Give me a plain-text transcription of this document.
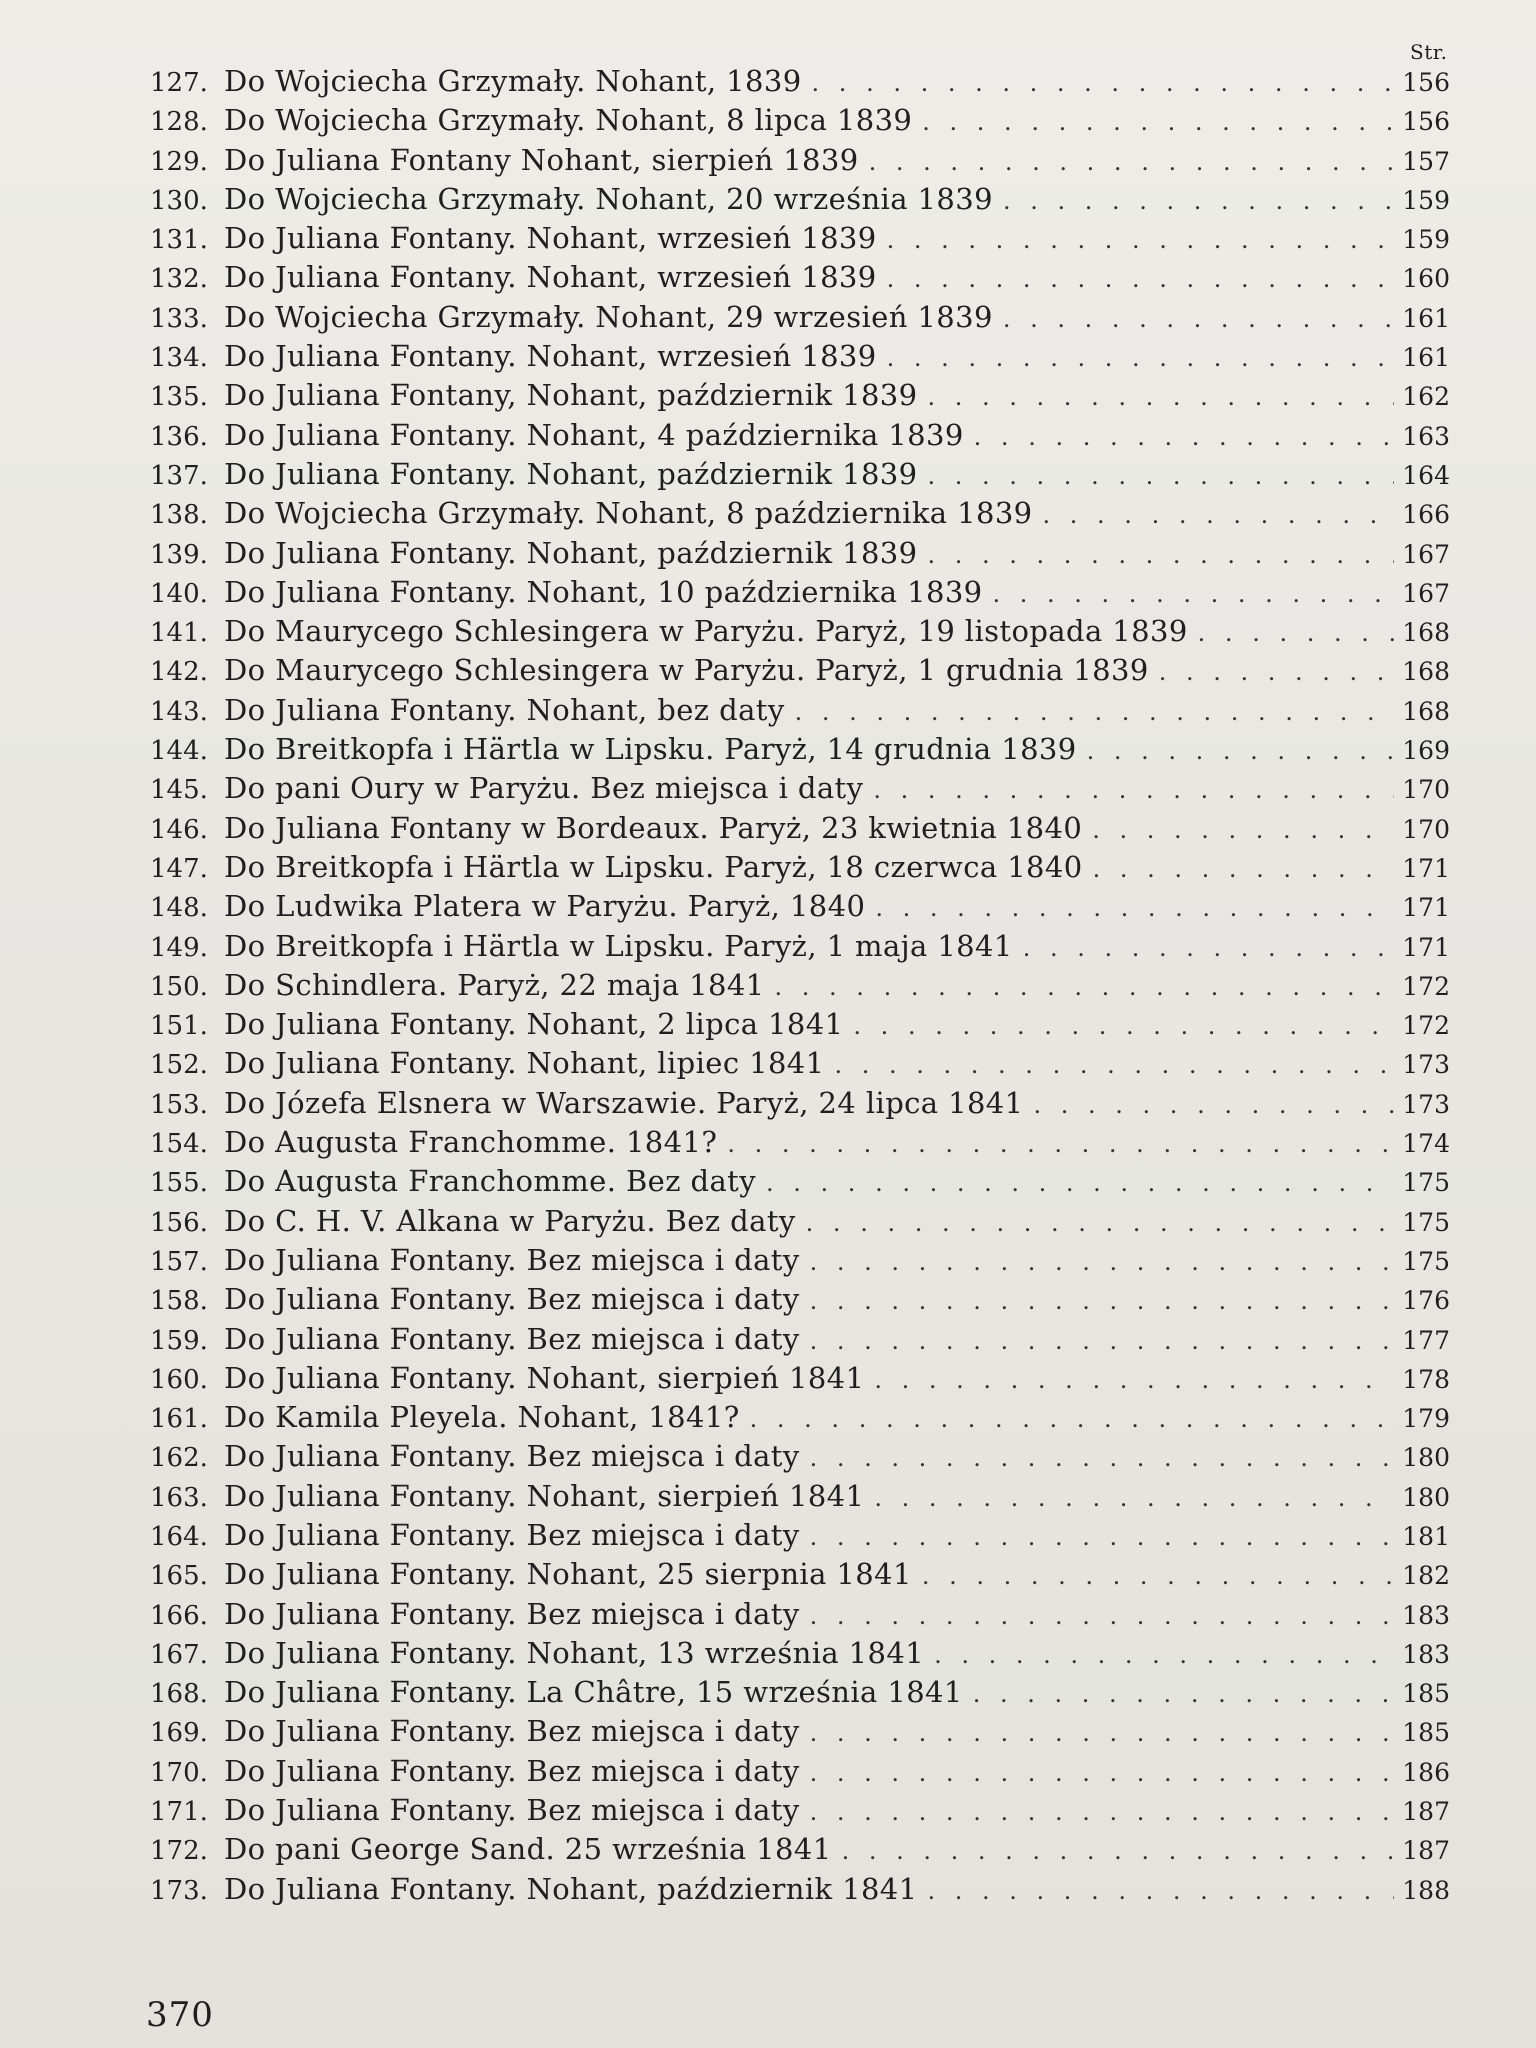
Str.
127. Do Wojciecha Grzymały. Nohant, 1839 . . .	156
128. Do Wojciecha Grzymały. Nohant, 8 lipca 1839 . . .	156
129. Do Juliana Fontany Nohant, sierpień 1839 . . .	157
130. Do Wojciecha Grzymały. Nohant, 20 września 1839 . . .	159
131. Do Juliana Fontany. Nohant, wrzesień 1839 . . .	159
132. Do Juliana Fontany. Nohant, wrzesień 1839 . . .	160
133. Do Wojciecha Grzymały. Nohant, 29 wrzesień 1839 . . .	161
134. Do Juliana Fontany. Nohant, wrzesień 1839 . . .	161
135. Do Juliana Fontany, Nohant, październik 1839 . . .	162
136. Do Juliana Fontany. Nohant, 4 października 1839 . . .	163
137. Do Juliana Fontany. Nohant, październik 1839 . . .	164
138. Do Wojciecha Grzymały. Nohant, 8 października 1839 . . .	166
139. Do Juliana Fontany. Nohant, październik 1839 . . .	167
140. Do Juliana Fontany. Nohant, 10 października 1839 . . .	167
141. Do Maurycego Schlesingera w Paryżu. Paryż, 19 listopada 1839 . . .	168
142. Do Maurycego Schlesingera w Paryżu. Paryż, 1 grudnia 1839 . . .	168
143. Do Juliana Fontany. Nohant, bez daty . . .	168
144. Do Breitkopfa i Härtla w Lipsku. Paryż, 14 grudnia 1839 . . .	169
145. Do pani Oury w Paryżu. Bez miejsca i daty . . .	170
146. Do Juliana Fontany w Bordeaux. Paryż, 23 kwietnia 1840 . . .	170
147. Do Breitkopfa i Härtla w Lipsku. Paryż, 18 czerwca 1840 . . .	171
148. Do Ludwika Platera w Paryżu. Paryż, 1840 . . .	171
149. Do Breitkopfa i Härtla w Lipsku. Paryż, 1 maja 1841 . . .	171
150. Do Schindlera. Paryż, 22 maja 1841 . . .	172
151. Do Juliana Fontany. Nohant, 2 lipca 1841 . . .	172
152. Do Juliana Fontany. Nohant, lipiec 1841 . . .	173
153. Do Józefa Elsnera w Warszawie. Paryż, 24 lipca 1841 . . .	173
154. Do Augusta Franchomme. 1841? . . .	174
155. Do Augusta Franchomme. Bez daty . . .	175
156. Do C. H. V. Alkana w Paryżu. Bez daty . . .	175
157. Do Juliana Fontany. Bez miejsca i daty . . .	175
158. Do Juliana Fontany. Bez miejsca i daty . . .	176
159. Do Juliana Fontany. Bez miejsca i daty . . .	177
160. Do Juliana Fontany. Nohant, sierpień 1841 . . .	178
161. Do Kamila Pleyela. Nohant, 1841? . . .	179
162. Do Juliana Fontany. Bez miejsca i daty . . .	180
163. Do Juliana Fontany. Nohant, sierpień 1841 . . .	180
164. Do Juliana Fontany. Bez miejsca i daty . . .	181
165. Do Juliana Fontany. Nohant, 25 sierpnia 1841 . . .	182
166. Do Juliana Fontany. Bez miejsca i daty . . .	183
167. Do Juliana Fontany. Nohant, 13 września 1841 . . .	183
168. Do Juliana Fontany. La Châtre, 15 września 1841 . . .	185
169. Do Juliana Fontany. Bez miejsca i daty . . .	185
170. Do Juliana Fontany. Bez miejsca i daty . . .	186
171. Do Juliana Fontany. Bez miejsca i daty . . .	187
172. Do pani George Sand. 25 września 1841 . . .	187
173. Do Juliana Fontany. Nohant, październik 1841 . . .	188
370
